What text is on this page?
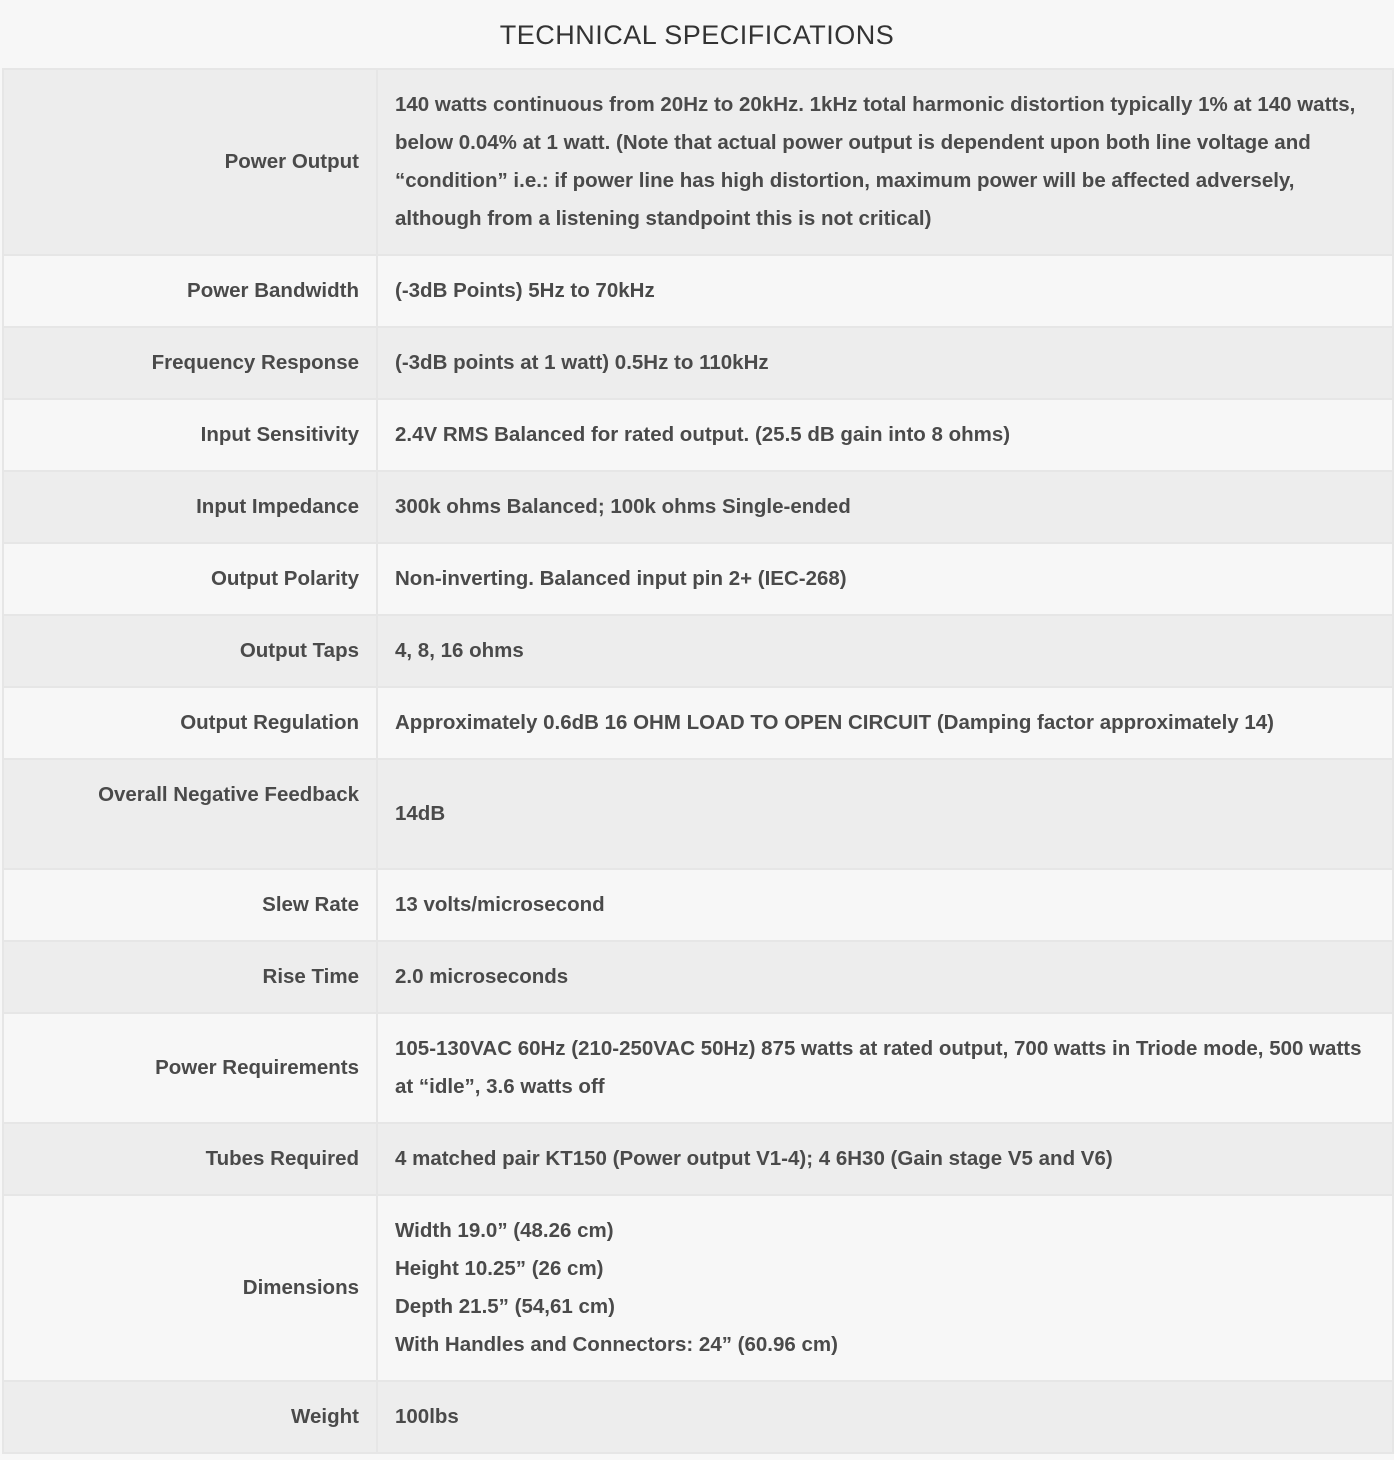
TECHNICAL SPECIFICATIONS
Power Output	140 watts continuous from 20Hz to 20kHz. 1kHz total harmonic distortion typically 1% at 140 watts, below 0.04% at 1 watt. (Note that actual power output is dependent upon both line voltage and “condition” i.e.: if power line has high distortion, maximum power will be affected adversely, although from a listening standpoint this is not critical)
Power Bandwidth	(-3dB Points) 5Hz to 70kHz
Frequency Response	(-3dB points at 1 watt) 0.5Hz to 110kHz
Input Sensitivity	2.4V RMS Balanced for rated output. (25.5 dB gain into 8 ohms)
Input Impedance	300k ohms Balanced; 100k ohms Single-ended
Output Polarity	Non-inverting. Balanced input pin 2+ (IEC-268)
Output Taps	4, 8, 16 ohms
Output Regulation	Approximately 0.6dB 16 OHM LOAD TO OPEN CIRCUIT (Damping factor approximately 14)
Overall Negative Feedback	14dB
Slew Rate	13 volts/microsecond
Rise Time	2.0 microseconds
Power Requirements	105-130VAC 60Hz (210-250VAC 50Hz) 875 watts at rated output, 700 watts in Triode mode, 500 watts at “idle”, 3.6 watts off
Tubes Required	4 matched pair KT150 (Power output V1-4); 4 6H30 (Gain stage V5 and V6)
Dimensions	Width 19.0” (48.26 cm)
Height 10.25” (26 cm)
Depth 21.5” (54,61 cm)
With Handles and Connectors: 24” (60.96 cm)

Weight	100lbs
